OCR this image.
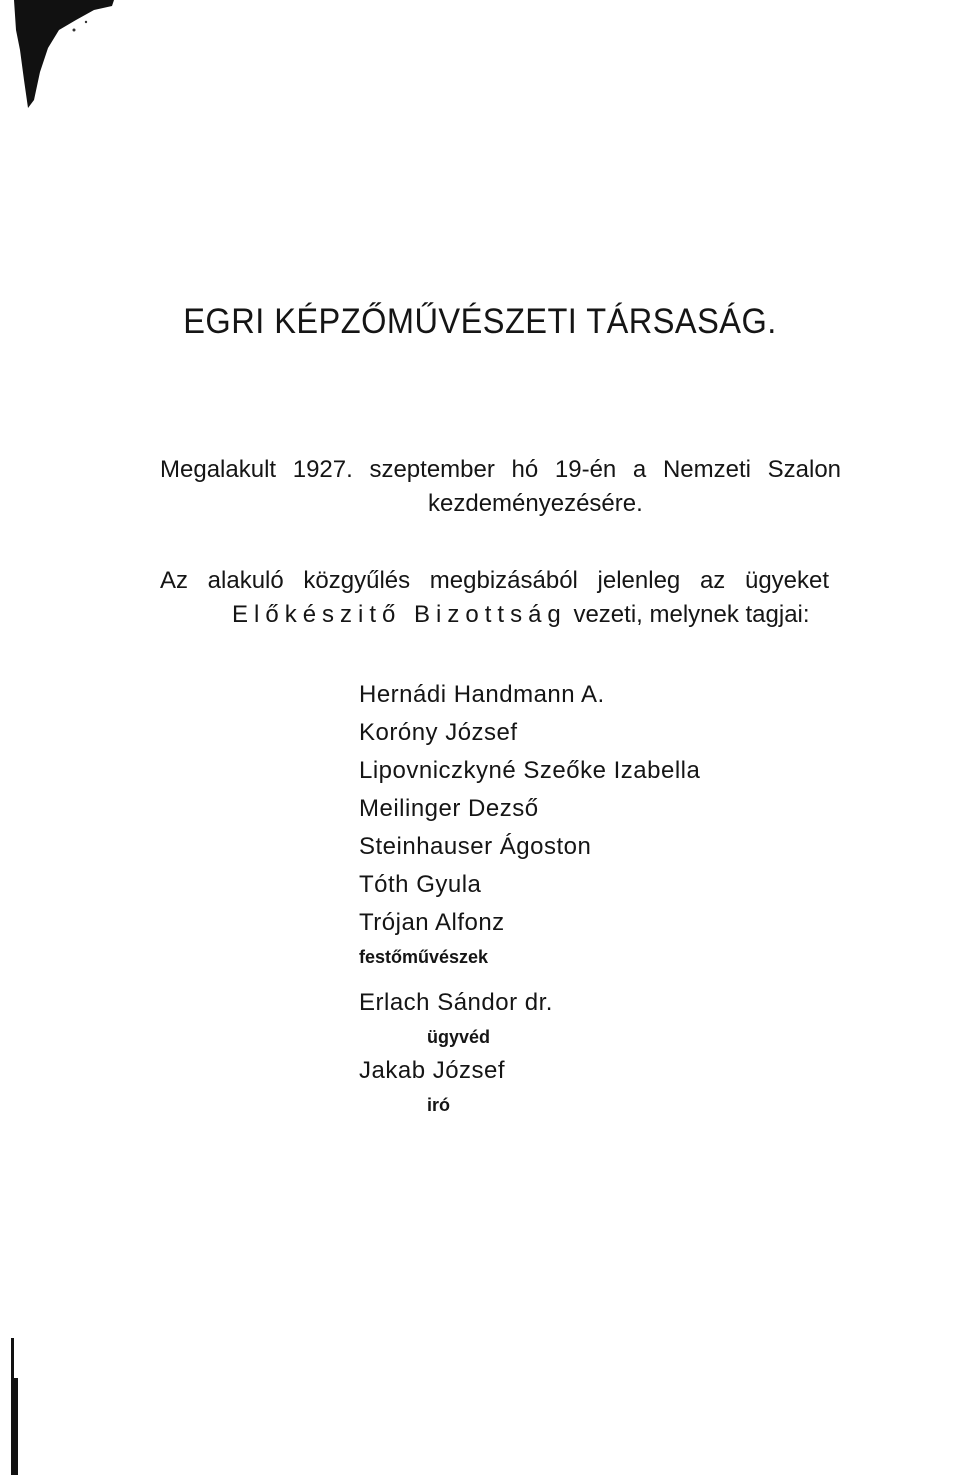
EGRI KÉPZŐMŰVÉSZETI TÁRSASÁG.
Megalakult 1927. szeptember hó 19-én a Nemzeti Szalon
kezdeményezésére.
Az alakuló közgyűlés megbizásából jelenleg az ügyeket
Előkészitő Bizottság vezeti, melynek tagjai:
Hernádi Handmann A.
Koróny József
Lipovniczkyné Szeőke Izabella
Meilinger Dezső
Steinhauser Ágoston
Tóth Gyula
Trójan Alfonz
festőművészek
Erlach Sándor dr.
ügyvéd
Jakab József
iró
